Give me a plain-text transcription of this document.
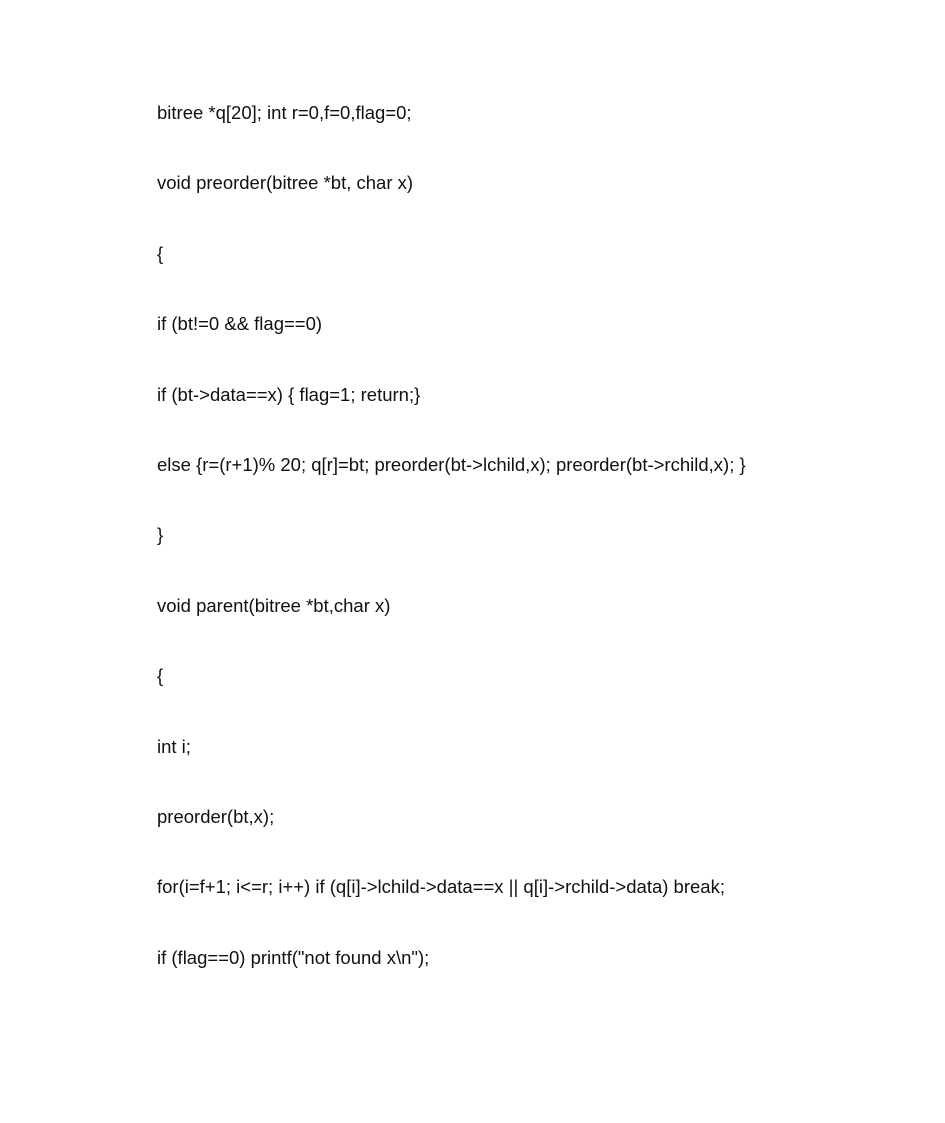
bitree *q[20]; int r=0,f=0,flag=0;
void preorder(bitree *bt, char x)
{
if (bt!=0 && flag==0)
if (bt->data==x) { flag=1; return;}
else {r=(r+1)% 20; q[r]=bt; preorder(bt->lchild,x); preorder(bt->rchild,x); }
}
void parent(bitree *bt,char x)
{
int i;
preorder(bt,x);
for(i=f+1; i<=r; i++) if (q[i]->lchild->data==x || q[i]->rchild->data) break;
if (flag==0) printf("not found x\n");
